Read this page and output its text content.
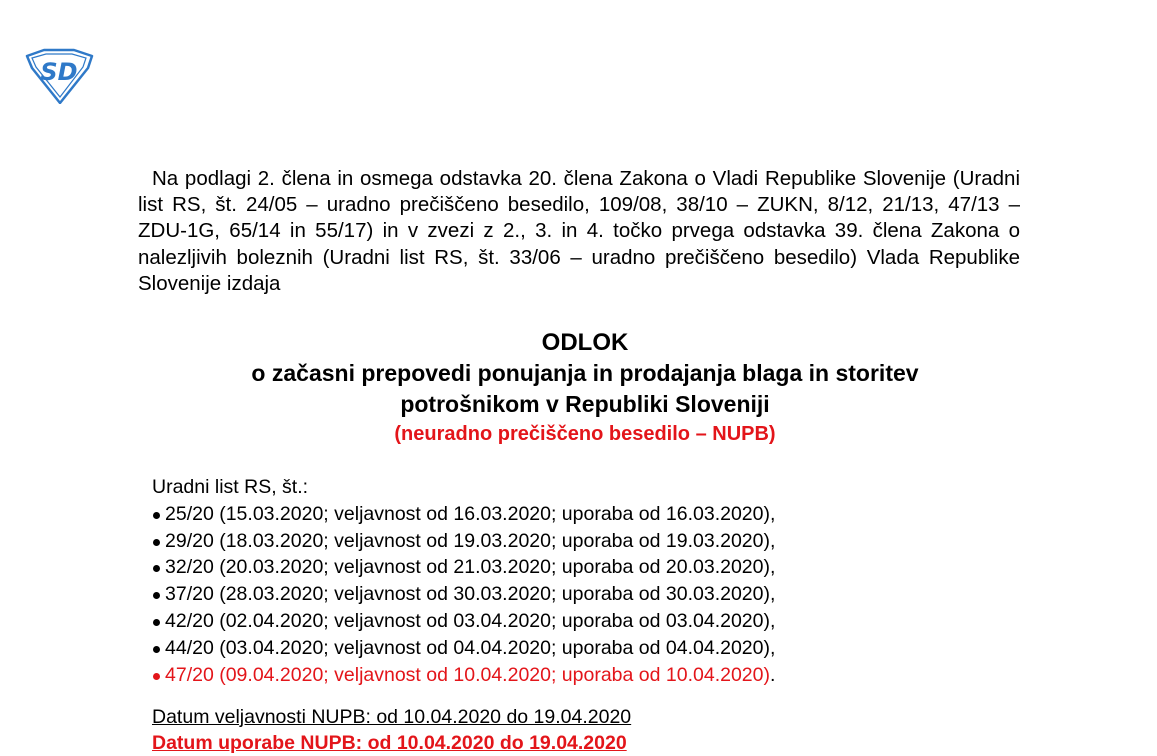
SD

Na podlagi 2. člena in osmega odstavka 20. člena Zakona o Vladi Republike Slovenije (Uradni list RS, št. 24/05 – uradno prečiščeno besedilo, 109/08, 38/10 – ZUKN, 8/12, 21/13, 47/13 – ZDU-1G, 65/14 in 55/17) in v zvezi z 2., 3. in 4. točko prvega odstavka 39. člena Zakona o nalezljivih boleznih (Uradni list RS, št. 33/06 – uradno prečiščeno besedilo) Vlada Republike Slovenije izdaja

ODLOK
o začasni prepovedi ponujanja in prodajanja blaga in storitev
potrošnikom v Republiki Sloveniji
(neuradno prečiščeno besedilo – NUPB)
Uradni list RS, št.:
25/20 (15.03.2020; veljavnost od 16.03.2020; uporaba od 16.03.2020),
29/20 (18.03.2020; veljavnost od 19.03.2020; uporaba od 19.03.2020),
32/20 (20.03.2020; veljavnost od 21.03.2020; uporaba od 20.03.2020),
37/20 (28.03.2020; veljavnost od 30.03.2020; uporaba od 30.03.2020),
42/20 (02.04.2020; veljavnost od 03.04.2020; uporaba od 03.04.2020),
44/20 (03.04.2020; veljavnost od 04.04.2020; uporaba od 04.04.2020),
47/20 (09.04.2020; veljavnost od 10.04.2020; uporaba od 10.04.2020).
Datum veljavnosti NUPB: od 10.04.2020 do 19.04.2020
Datum uporabe NUPB: od 10.04.2020 do 19.04.2020
